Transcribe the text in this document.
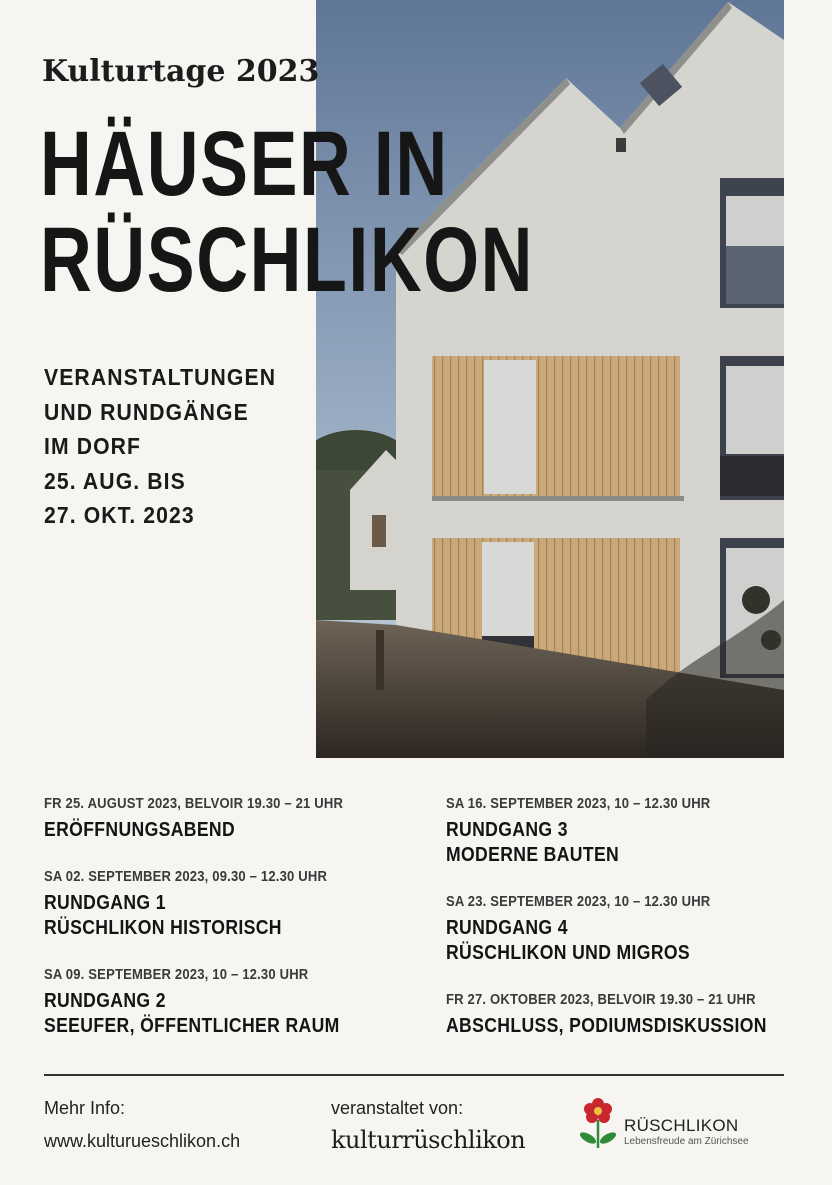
Kulturtage 2023
HÄUSER IN
RÜSCHLIKON
VERANSTALTUNGEN
UND RUNDGÄNGE
IM DORF
25. AUG. BIS
27. OKT. 2023
FR 25. AUGUST 2023, BELVOIR 19.30 – 21 UHR
ERÖFFNUNGSABEND
SA 02. SEPTEMBER 2023, 09.30 – 12.30 UHR
RUNDGANG 1
RÜSCHLIKON HISTORISCH
SA 09. SEPTEMBER 2023, 10 – 12.30 UHR
RUNDGANG 2
SEEUFER, ÖFFENTLICHER RAUM
SA 16. SEPTEMBER 2023, 10 – 12.30 UHR
RUNDGANG 3
MODERNE BAUTEN
SA 23. SEPTEMBER 2023, 10 – 12.30 UHR
RUNDGANG 4
RÜSCHLIKON UND MIGROS
FR 27. OKTOBER 2023, BELVOIR 19.30 – 21 UHR
ABSCHLUSS, PODIUMSDISKUSSION
Mehr Info:
www.kulturueschlikon.ch
veranstaltet von:
kulturrüschlikon
RÜSCHLIKON
Lebensfreude am Zürichsee
